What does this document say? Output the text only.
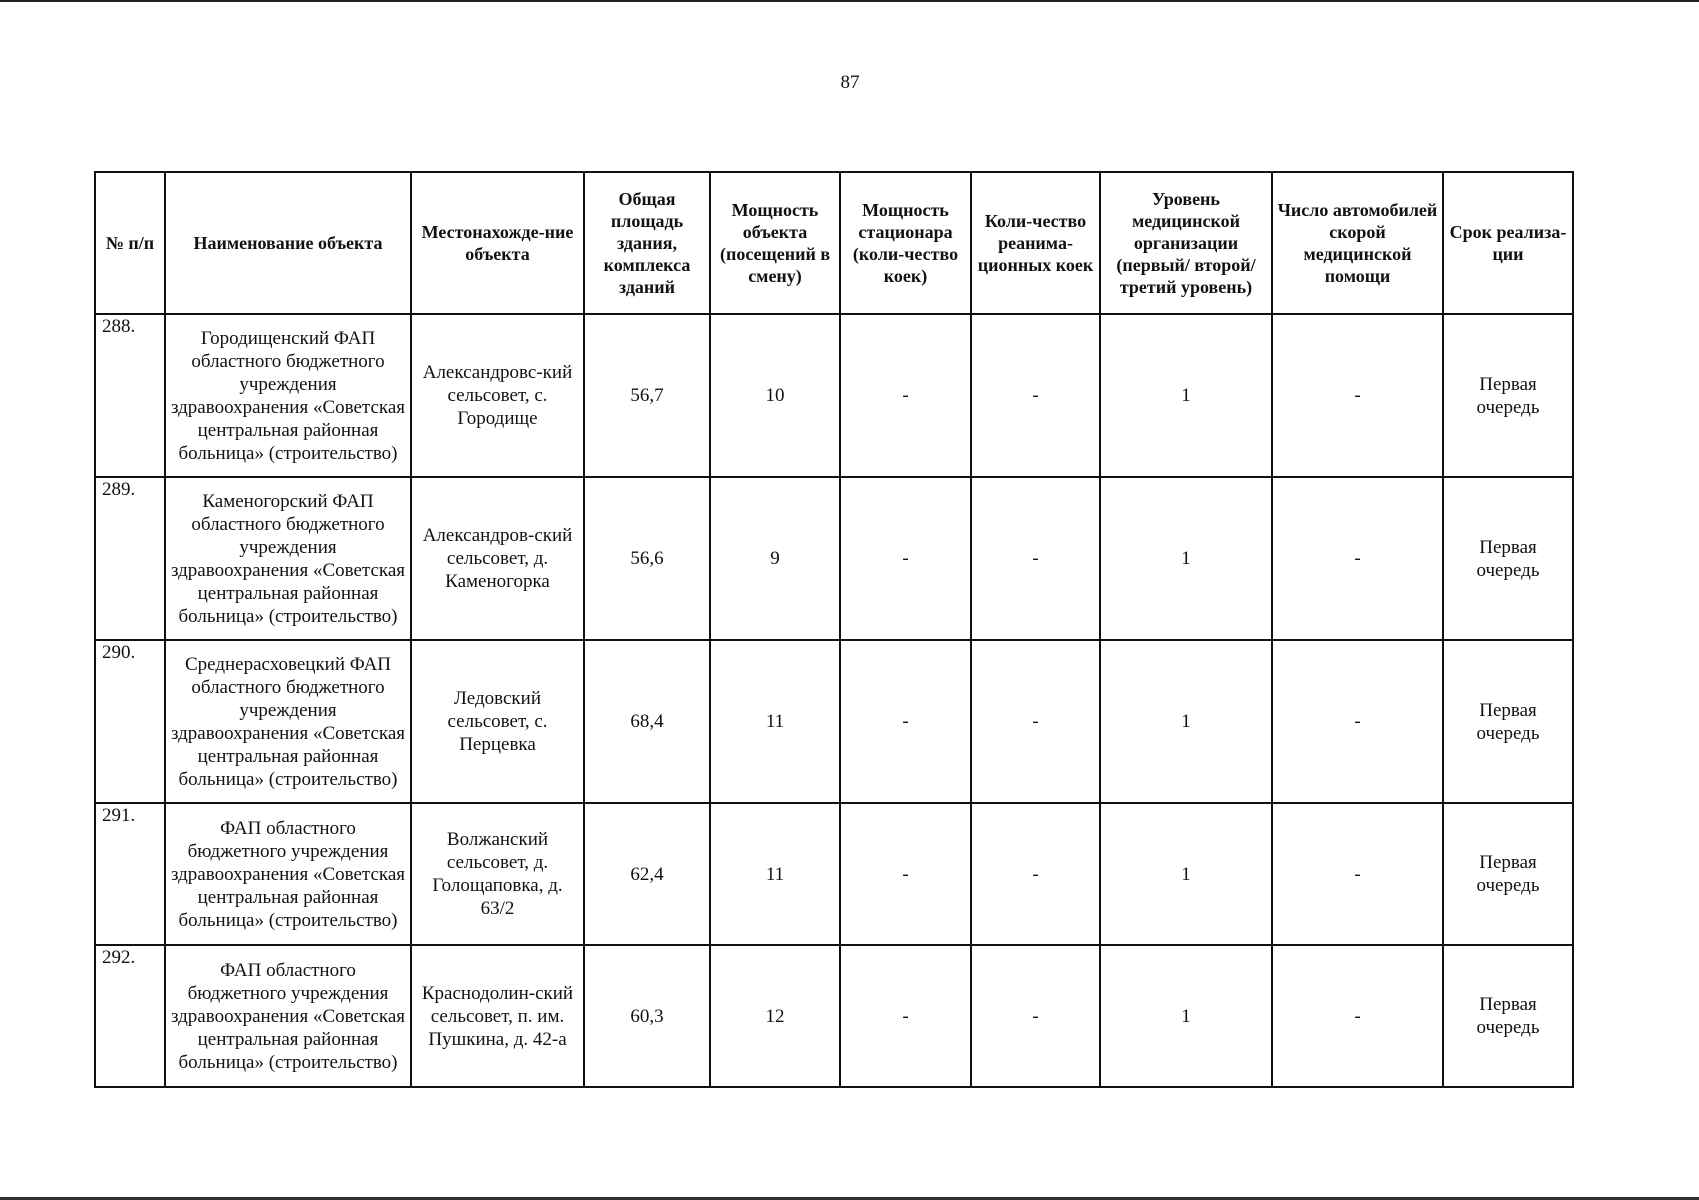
87
№ п/п	Наименование объекта	Местонахожде-ние объекта	Общая площадь здания, комплекса зданий	Мощность объекта (посещений в смену)	Мощность стационара (коли-чество коек)	Коли-чество реанима-ционных коек	Уровень медицинской организации (первый/ второй/ третий уровень)	Число автомобилей скорой медицинской помощи	Срок реализа-ции
288.	Городищенский ФАП областного бюджетного учреждения здравоохранения «Советская центральная районная больница» (строительство)	Александровс-кий сельсовет, с. Городище	56,7	10	-	-	1	-	Первая очередь
289.	Каменогорский ФАП областного бюджетного учреждения здравоохранения «Советская центральная районная больница» (строительство)	Александров-ский сельсовет, д. Каменогорка	56,6	9	-	-	1	-	Первая очередь
290.	Среднерасховецкий ФАП областного бюджетного учреждения здравоохранения «Советская центральная районная больница» (строительство)	Ледовский сельсовет, с. Перцевка	68,4	11	-	-	1	-	Первая очередь
291.	ФАП областного бюджетного учреждения здравоохранения «Советская центральная районная больница» (строительство)	Волжанский сельсовет, д. Голощаповка, д. 63/2	62,4	11	-	-	1	-	Первая очередь
292.	ФАП областного бюджетного учреждения здравоохранения «Советская центральная районная больница» (строительство)	Краснодолин-ский сельсовет, п. им. Пушкина, д. 42-а	60,3	12	-	-	1	-	Первая очередь
